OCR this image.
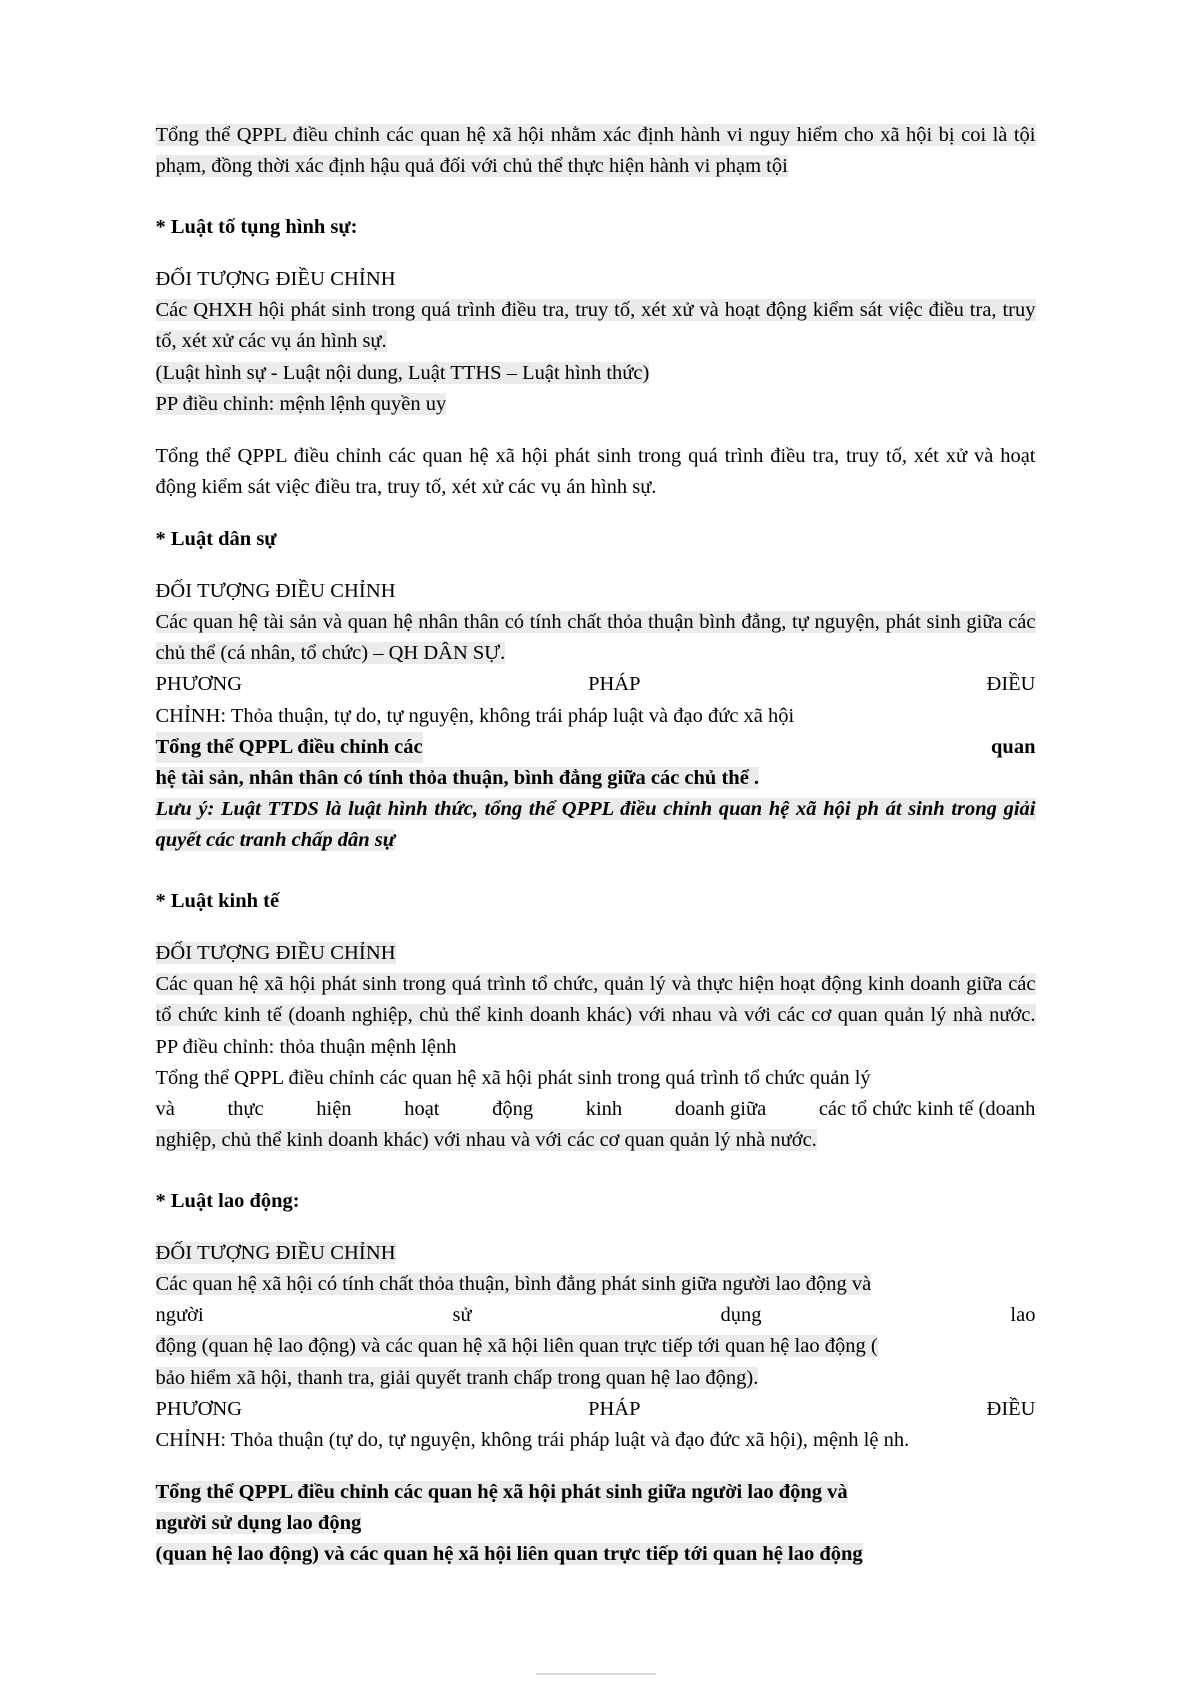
Tổng thể QPPL điều chỉnh các quan hệ xã hội nhằm xác định hành vi nguy hiểm cho xã hội bị coi là tội phạm, đồng thời xác định hậu quả đối với chủ thể thực hiện hành vi phạm tội

* Luật tố tụng hình sự:

ĐỐI TƯỢNG ĐIỀU CHỈNH

Các QHXH hội phát sinh trong quá trình điều tra, truy tố, xét xử và hoạt động kiểm sát việc điều tra, truy tố, xét xử các vụ án hình sự.

(Luật hình sự - Luật nội dung, Luật TTHS – Luật hình thức)

PP điều chỉnh: mệnh lệnh quyền uy

Tổng thể QPPL điều chỉnh các quan hệ xã hội phát sinh trong quá trình điều tra, truy tố, xét xử và hoạt động kiểm sát việc điều tra, truy tố, xét xử các vụ án hình sự.

* Luật dân sự

ĐỐI TƯỢNG ĐIỀU CHỈNH

Các quan hệ tài sản và quan hệ nhân thân có tính chất thỏa thuận bình đẳng, tự nguyện, phát sinh giữa các chủ thể (cá nhân, tổ chức) – QH DÂN SỰ.

PHƯƠNG	PHÁP	ĐIỀU

CHỈNH: Thỏa thuận, tự do, tự nguyện, không trái pháp luật và đạo đức xã hội

Tổng thể QPPL điều chỉnh các	quan

hệ tài sản, nhân thân có tính thỏa thuận, bình đẳng giữa các chủ thể .

Lưu ý: Luật TTDS là luật hình thức, tổng thể QPPL điều chỉnh quan hệ xã hội ph át sinh trong giải quyết các tranh chấp dân sự

* Luật kinh tế

ĐỐI TƯỢNG ĐIỀU CHỈNH

Các quan hệ xã hội phát sinh trong quá trình tổ chức, quản lý và thực hiện hoạt động kinh doanh giữa các tổ chức kinh tế (doanh nghiệp, chủ thể kinh doanh khác) với nhau và với các cơ quan quản lý nhà nước.

PP điều chỉnh: thỏa thuận mệnh lệnh

Tổng thể QPPL điều chỉnh các quan hệ xã hội phát sinh trong quá trình tổ chức quản lý

và	thực	hiện	hoạt	động	kinh	doanh giữa	các tổ chức kinh tế (doanh

nghiệp, chủ thể kinh doanh khác) với nhau và với các cơ quan quản lý nhà nước.

* Luật lao động:

ĐỐI TƯỢNG ĐIỀU CHỈNH

Các quan hệ xã hội có tính chất thỏa thuận, bình đẳng phát sinh giữa người lao động và

người	sử	dụng	lao

động (quan hệ lao động) và các quan hệ xã hội liên quan trực tiếp tới quan hệ lao động (

bảo hiểm xã hội, thanh tra, giải quyết tranh chấp trong quan hệ lao động).

PHƯƠNG	PHÁP	ĐIỀU

CHỈNH: Thỏa thuận (tự do, tự nguyện, không trái pháp luật và đạo đức xã hội), mệnh lệ nh.

Tổng thể QPPL điều chỉnh các quan hệ xã hội phát sinh giữa người lao động và

người sử dụng lao động

(quan hệ lao động) và các quan hệ xã hội liên quan trực tiếp tới quan hệ lao động
